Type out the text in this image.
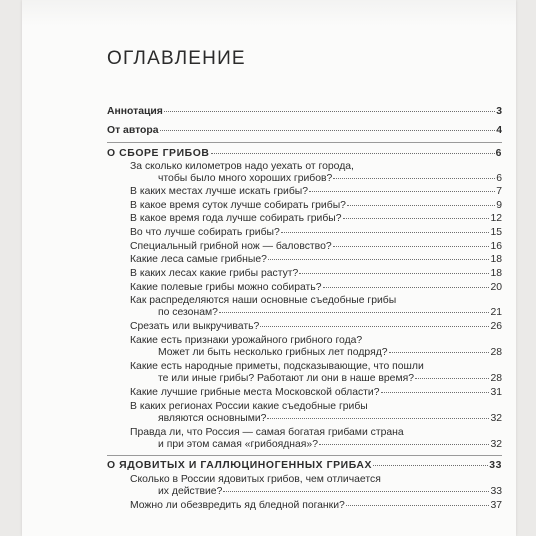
ОГЛАВЛЕНИЕ
Аннотация	3
От автора	4
О СБОРЕ ГРИБОВ	6
За сколько километров надо уехать от города,
чтобы было много хороших грибов?	6
В каких местах лучше искать грибы?	7
В какое время суток лучше собирать грибы?	9
В какое время года лучше собирать грибы?	12
Во что лучше собирать грибы?	15
Специальный грибной нож — баловство?	16
Какие леса самые грибные?	18
В каких лесах какие грибы растут?	18
Какие полевые грибы можно собирать?	20
Как распределяются наши основные съедобные грибы
по сезонам?	21
Срезать или выкручивать?	26
Какие есть признаки урожайного грибного года?
Может ли быть несколько грибных лет подряд?	28
Какие есть народные приметы, подсказывающие, что пошли
те или иные грибы? Работают ли они в наше время?	28
Какие лучшие грибные места Московской области?	31
В каких регионах России какие съедобные грибы
являются основными?	32
Правда ли, что Россия — самая богатая грибами страна
и при этом самая «грибоядная»?	32
О ЯДОВИТЫХ И ГАЛЛЮЦИНОГЕННЫХ ГРИБАХ	33
Сколько в России ядовитых грибов, чем отличается
их действие?	33
Можно ли обезвредить яд бледной поганки?	37
